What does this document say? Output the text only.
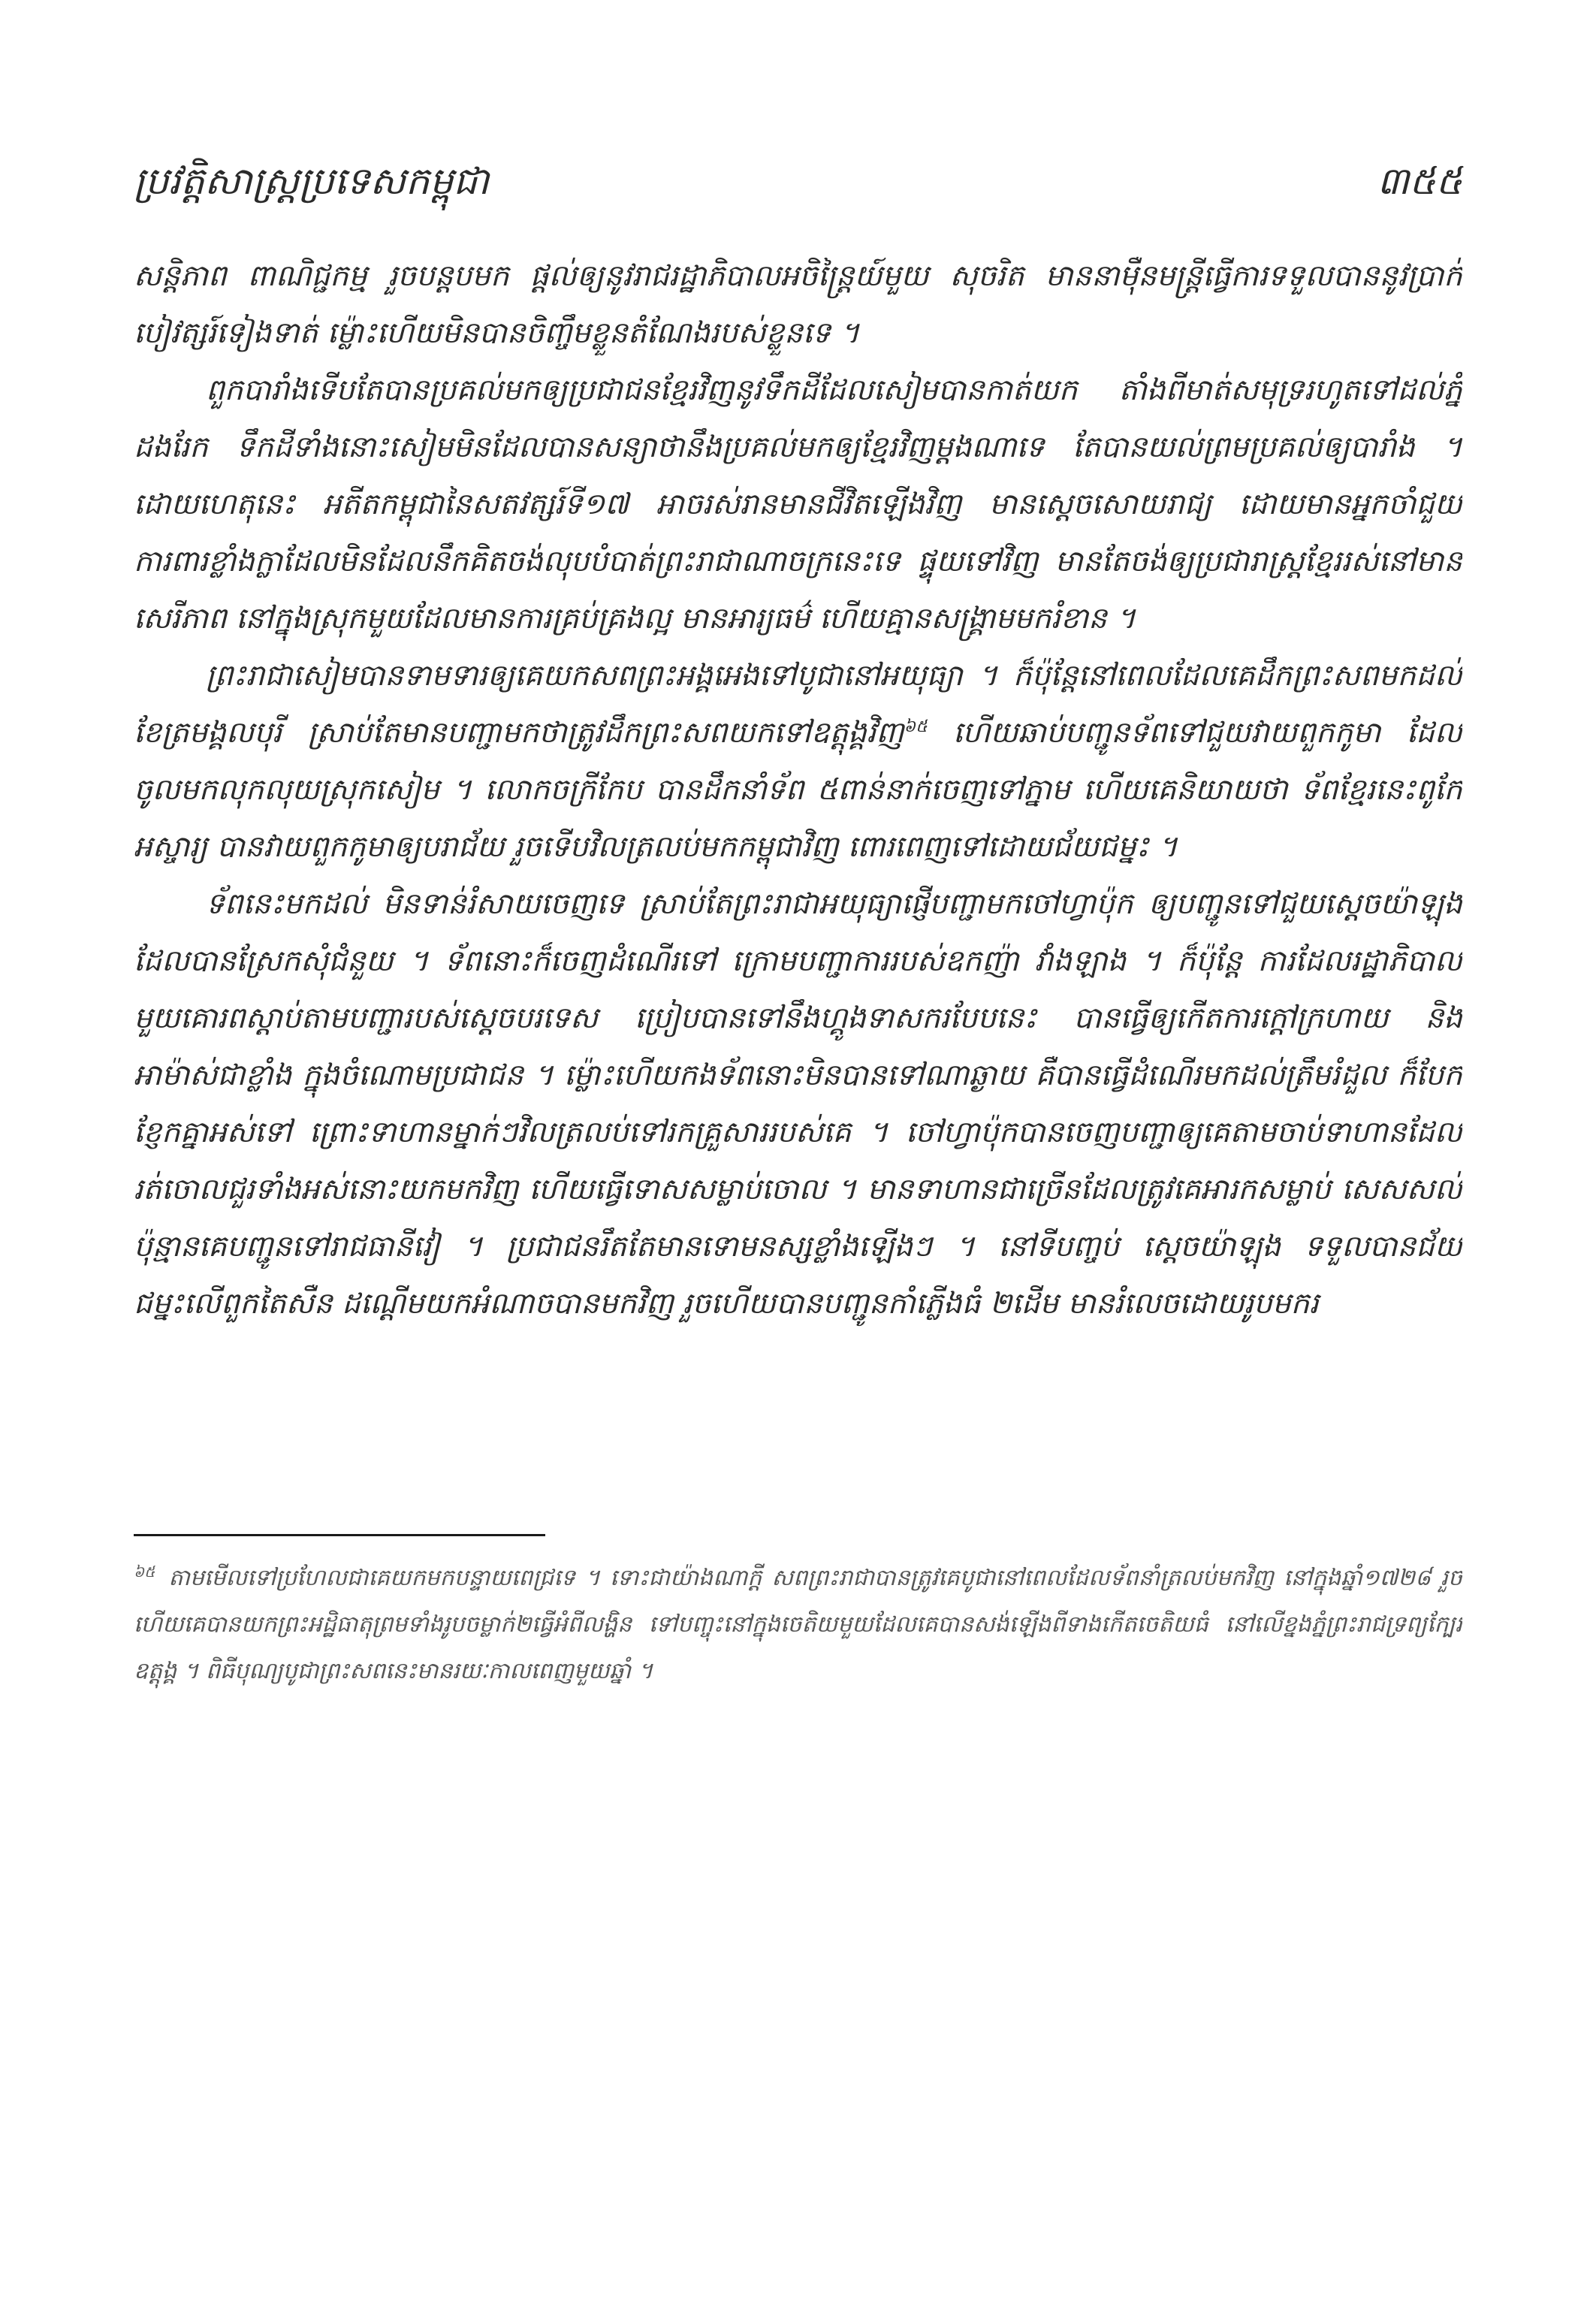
ប្រវត្តិសាស្ត្រប្រទេសកម្ពុជា	៣៥៥

សន្តិភាព ពាណិជ្ជកម្ម រួចបន្តបមក ផ្តល់ឲ្យនូវរាជរដ្ឋាភិបាលអចិន្ត្រៃយ៍មួយ សុចរិត មាននាម៉ឺនមន្ត្រីធ្វើការទទួលបាននូវប្រាក់បៀវត្សរ៍ទៀងទាត់ ម៉្លោះហើយមិនបានចិញ្ចឹមខ្លួនតំណែងរបស់ខ្លួនទេ ។

ពួកបារាំងទើបតែបានប្រគល់មកឲ្យប្រជាជនខ្មែរវិញនូវទឹកដីដែលសៀមបានកាត់យក តាំងពីមាត់សមុទ្ររហូតទៅដល់ភ្នំដងរែក ទឹកដីទាំងនោះសៀមមិនដែលបានសន្យាថានឹងប្រគល់មកឲ្យខ្មែរវិញម្តងណាទេ តែបានយល់ព្រមប្រគល់ឲ្យបារាំង ។ ដោយហេតុនេះ អតីតកម្ពុជានៃសតវត្សរ៍ទី១៧ អាចរស់រានមានជីវិតឡើងវិញ មានស្តេចសោយរាជ្យ ដោយមានអ្នកចាំជួយការពារខ្លាំងក្លាដែលមិនដែលនឹកគិតចង់លុបបំបាត់ព្រះរាជាណាចក្រនេះទេ ផ្ទុយទៅវិញ មានតែចង់ឲ្យប្រជារាស្ត្រខ្មែររស់នៅមានសេរីភាព នៅក្នុងស្រុកមួយដែលមានការគ្រប់គ្រងល្អ មានអារ្យធម៌ ហើយគ្មានសង្គ្រាមមករំខាន ។

ព្រះរាជាសៀមបានទាមទារឲ្យគេយកសពព្រះអង្គអេងទៅបូជានៅអយុធ្យា ។ ក៏ប៉ុន្តែនៅពេលដែលគេដឹកព្រះសពមកដល់ខែត្រមង្គលបុរី ស្រាប់តែមានបញ្ជាមកថាត្រូវដឹកព្រះសពយកទៅឧត្តុង្គវិញ$^{៦៥}$ ហើយឆាប់បញ្ជូនទ័ពទៅជួយវាយពួកកូមា ដែលចូលមកលុកលុយស្រុកសៀម ។ លោកចក្រីកែប បានដឹកនាំទ័ព ៥ពាន់នាក់ចេញទៅភ្នាម ហើយគេនិយាយថា ទ័ពខ្មែរនេះពូកែអស្ចារ្យ បានវាយពួកកូមាឲ្យបរាជ័យ រួចទើបវិលត្រលប់មកកម្ពុជាវិញ ពោរពេញទៅដោយជ័យជម្នះ ។

ទ័ពនេះមកដល់ មិនទាន់រំសាយចេញទេ ស្រាប់តែព្រះរាជាអយុធ្យាផ្ញើបញ្ជាមកចៅហ្វាប៉ុក ឲ្យបញ្ជូនទៅជួយស្តេចយ៉ាឡុង ដែលបានស្រែកសុំជំនួយ ។ ទ័ពនោះក៏ចេញដំណើរទៅ ក្រោមបញ្ជាការរបស់ឧកញ៉ា វាំងឡាង ។ ក៏ប៉ុន្តែ ការដែលរដ្ឋាភិបាលមួយគោរពស្តាប់តាមបញ្ជារបស់ស្តេចបរទេស ប្រៀបបានទៅនឹងហ្គូងទាសករបែបនេះ បានធ្វើឲ្យកើតការក្តៅក្រហាយ និងអាម៉ាស់ជាខ្លាំង ក្នុងចំណោមប្រជាជន ។ ម៉្លោះហើយកងទ័ពនោះមិនបានទៅណាឆ្ងាយ គឺបានធ្វើដំណើរមកដល់ត្រឹមរំដួល ក៏បែកខ្ញែកគ្នាអស់ទៅ ព្រោះទាហានម្នាក់ៗវិលត្រលប់ទៅរកគ្រួសាររបស់គេ ។ ចៅហ្វាប៉ុកបានចេញបញ្ជាឲ្យគេតាមចាប់ទាហានដែលរត់ចោលជួរទាំងអស់នោះយកមកវិញ ហើយធ្វើទោសសម្លាប់ចោល ។ មានទាហានជាច្រើនដែលត្រូវគេអារកសម្លាប់ សេសសល់ប៉ុន្មានគេបញ្ជូនទៅរាជធានីវៀ ។ ប្រជាជនរឹតតែមានទោមនស្សខ្លាំងឡើងៗ ។ នៅទីបញ្ចប់ ស្តេចយ៉ាឡុង ទទួលបានជ័យជម្នះលើពួកតៃសឺន ដណ្តើមយកអំណាចបានមកវិញ រួចហើយបានបញ្ជូនកាំភ្លើងធំ ២ដើម មានរំលេចដោយរូបមករ

$^{៦៥}$ តាមមើលទៅប្រហែលជាគេយកមកបន្ទាយពេជ្រទេ ។ ទោះជាយ៉ាងណាក្តី សពព្រះរាជាបានត្រូវគេបូជានៅពេលដែលទ័ពនាំត្រលប់មកវិញ នៅក្នុងឆ្នាំ១៧២៨ រួចហើយគេបានយកព្រះអដ្ឋិធាតុព្រមទាំងរូបចម្លាក់២ធ្វើអំពីលង្ហិន ទៅបញ្ចុះនៅក្នុងចេតិយមួយដែលគេបានសង់ឡើងពីទាងកើតចេតិយធំ នៅលើខ្នងភ្នំព្រះរាជទ្រព្យក្បែរឧត្តុង្គ ។ ពិធីបុណ្យបូជាព្រះសពនេះមានរយៈកាលពេញមួយឆ្នាំ ។
